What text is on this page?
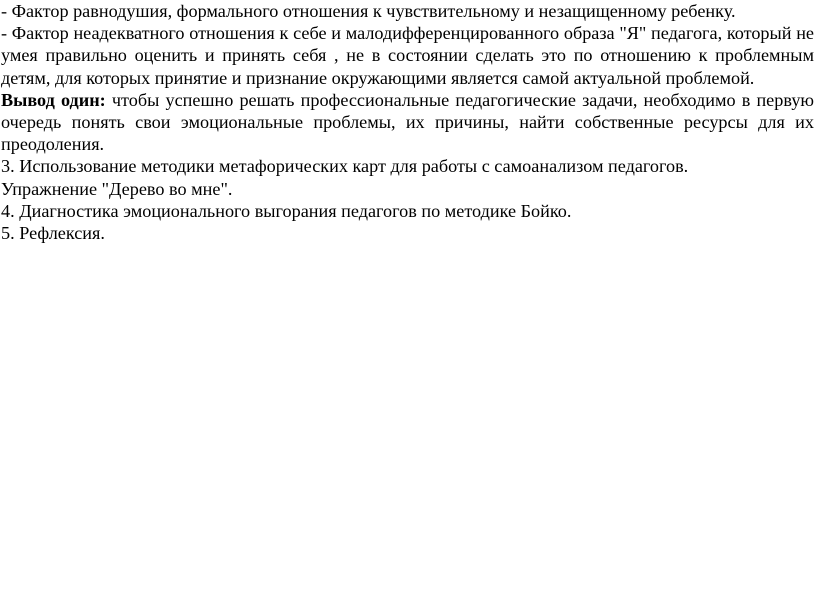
- Фактор равнодушия, формального отношения к чувствительному и незащищенному ребенку.

- Фактор неадекватного отношения к себе и малодифференцированного образа "Я" педагога, который не умея правильно оценить и принять себя , не в состоянии сделать это по отношению к проблемным детям, для которых принятие и признание окружающими является самой актуальной проблемой.

Вывод один: чтобы успешно решать профессиональные педагогические задачи, необходимо в первую очередь понять свои эмоциональные проблемы, их причины, найти собственные ресурсы для их преодоления.

3. Использование методики метафорических карт для работы с самоанализом педагогов.

Упражнение "Дерево во мне".

4. Диагностика эмоционального выгорания педагогов по методике Бойко.

5. Рефлексия.
